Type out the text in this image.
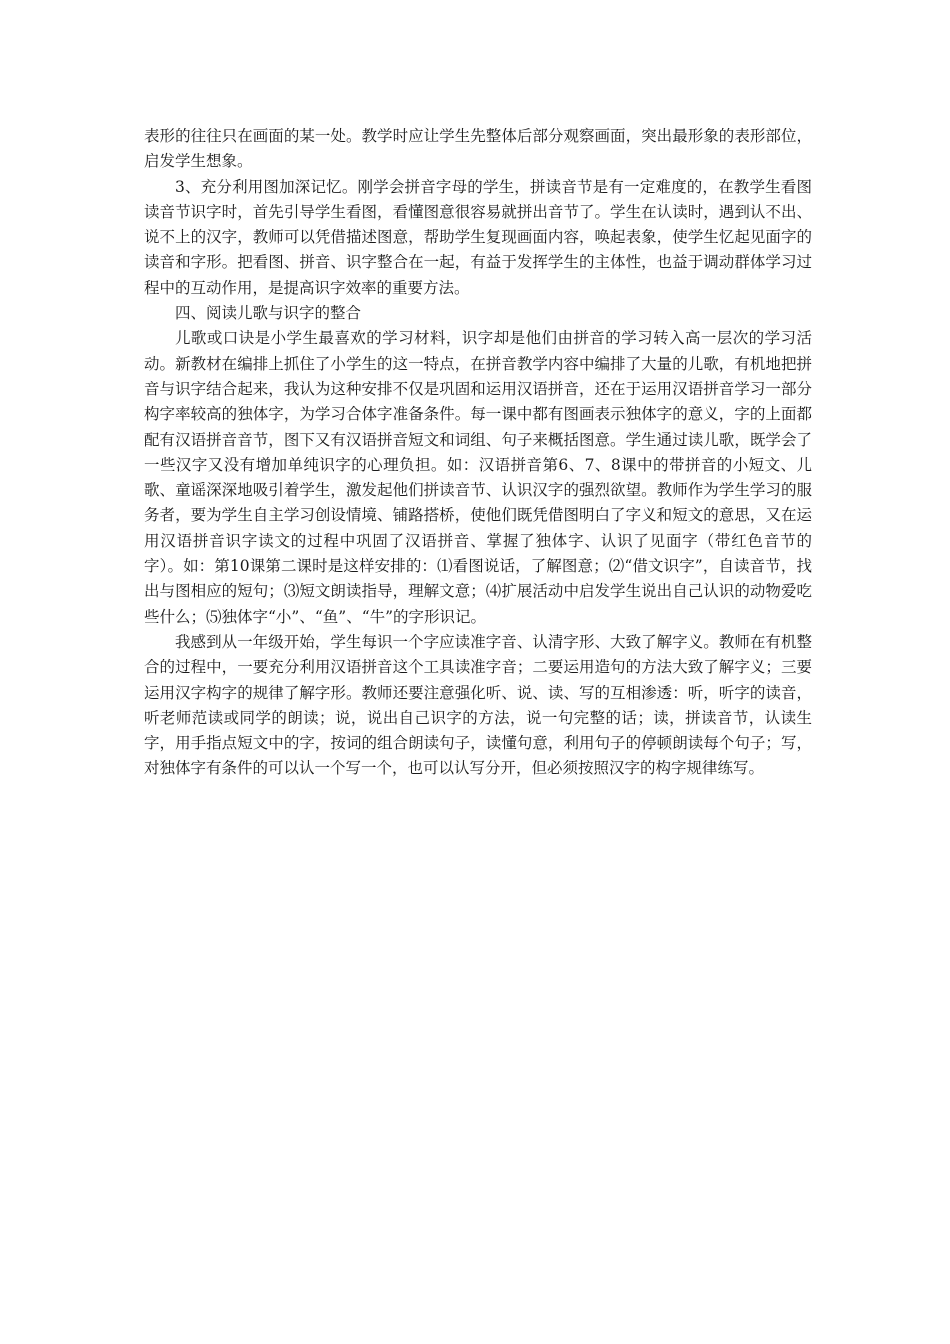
表形的往往只在画面的某一处。教学时应让学生先整体后部分观察画面，突出最形象的表形部位，启发学生想象。

3、充分利用图加深记忆。刚学会拼音字母的学生，拼读音节是有一定难度的，在教学生看图读音节识字时，首先引导学生看图，看懂图意很容易就拼出音节了。学生在认读时，遇到认不出、说不上的汉字，教师可以凭借描述图意，帮助学生复现画面内容，唤起表象，使学生忆起见面字的读音和字形。把看图、拼音、识字整合在一起，有益于发挥学生的主体性，也益于调动群体学习过程中的互动作用，是提高识字效率的重要方法。

四、阅读儿歌与识字的整合

儿歌或口诀是小学生最喜欢的学习材料，识字却是他们由拼音的学习转入高一层次的学习活动。新教材在编排上抓住了小学生的这一特点，在拼音教学内容中编排了大量的儿歌，有机地把拼音与识字结合起来，我认为这种安排不仅是巩固和运用汉语拼音，还在于运用汉语拼音学习一部分构字率较高的独体字，为学习合体字准备条件。每一课中都有图画表示独体字的意义，字的上面都配有汉语拼音音节，图下又有汉语拼音短文和词组、句子来概括图意。学生通过读儿歌，既学会了一些汉字又没有增加单纯识字的心理负担。如：汉语拼音第6、7、8课中的带拼音的小短文、儿歌、童谣深深地吸引着学生，激发起他们拼读音节、认识汉字的强烈欲望。教师作为学生学习的服务者，要为学生自主学习创设情境、铺路搭桥，使他们既凭借图明白了字义和短文的意思，又在运用汉语拼音识字读文的过程中巩固了汉语拼音、掌握了独体字、认识了见面字（带红色音节的字）。如：第10课第二课时是这样安排的：⑴看图说话，了解图意；⑵“借文识字”，自读音节，找出与图相应的短句；⑶短文朗读指导，理解文意；⑷扩展活动中启发学生说出自己认识的动物爱吃些什么；⑸独体字“小”、“鱼”、“牛”的字形识记。

我感到从一年级开始，学生每识一个字应读准字音、认清字形、大致了解字义。教师在有机整合的过程中，一要充分利用汉语拼音这个工具读准字音；二要运用造句的方法大致了解字义；三要运用汉字构字的规律了解字形。教师还要注意强化听、说、读、写的互相渗透：听，听字的读音，听老师范读或同学的朗读；说，说出自己识字的方法，说一句完整的话；读，拼读音节，认读生字，用手指点短文中的字，按词的组合朗读句子，读懂句意，利用句子的停顿朗读每个句子；写，对独体字有条件的可以认一个写一个，也可以认写分开，但必须按照汉字的构字规律练写。
